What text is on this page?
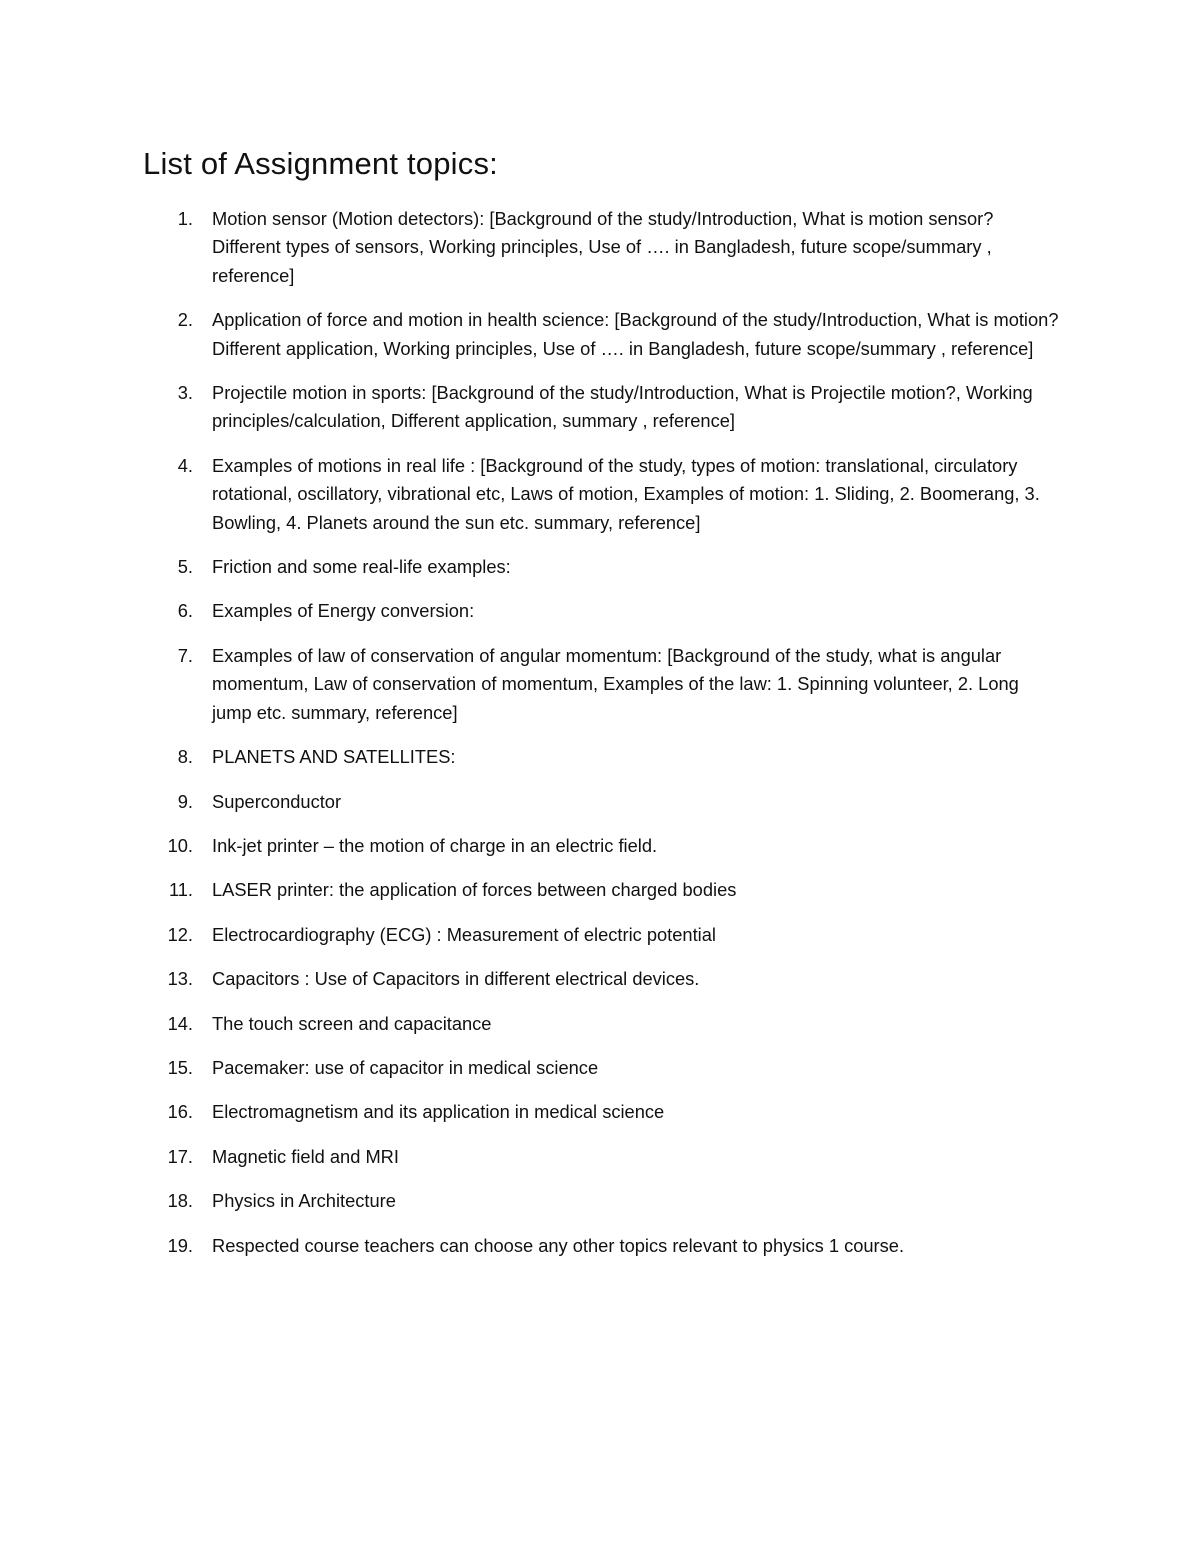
List of Assignment topics:
1. Motion sensor (Motion detectors): [Background of the study/Introduction, What is motion sensor? Different types of sensors, Working principles, Use of …. in Bangladesh, future scope/summary , reference]
2. Application of force and motion in health science: [Background of the study/Introduction, What is motion? Different application, Working principles, Use of …. in Bangladesh, future scope/summary , reference]
3. Projectile motion in sports: [Background of the study/Introduction, What is Projectile motion?, Working principles/calculation, Different application, summary , reference]
4. Examples of motions in real life : [Background of the study, types of motion: translational, circulatory rotational, oscillatory, vibrational etc, Laws of motion, Examples of motion: 1. Sliding, 2. Boomerang, 3. Bowling, 4. Planets around the sun etc. summary, reference]
5. Friction and some real-life examples:
6. Examples of Energy conversion:
7. Examples of law of conservation of angular momentum: [Background of the study, what is angular momentum, Law of conservation of momentum, Examples of the law: 1. Spinning volunteer, 2. Long jump etc. summary, reference]
8. PLANETS AND SATELLITES:
9. Superconductor
10. Ink-jet printer – the motion of charge in an electric field.
11. LASER printer: the application of forces between charged bodies
12. Electrocardiography (ECG) : Measurement of electric potential
13. Capacitors : Use of Capacitors in different electrical devices.
14. The touch screen and capacitance
15. Pacemaker: use of capacitor in medical science
16. Electromagnetism and its application in medical science
17. Magnetic field and MRI
18. Physics in Architecture
19. Respected course teachers can choose any other topics relevant to physics 1 course.
